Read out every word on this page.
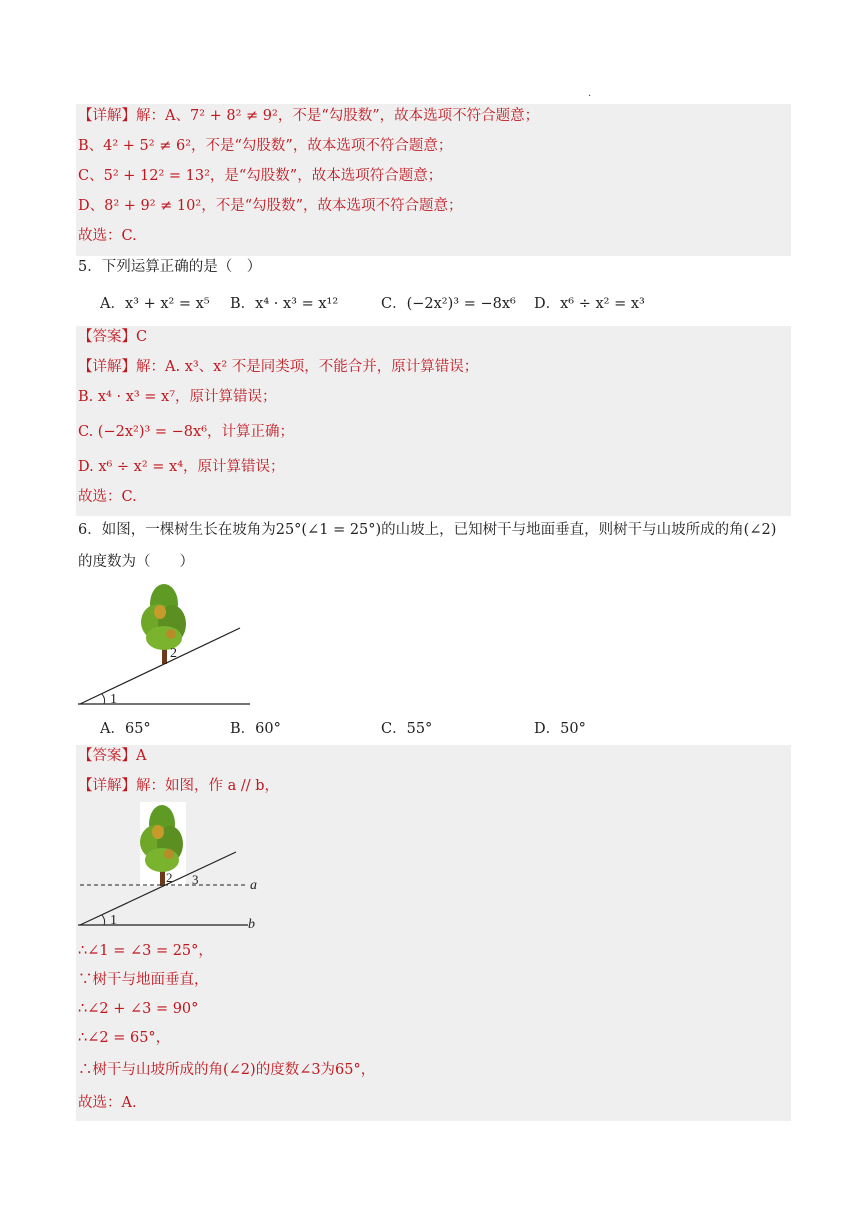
.
【详解】解：A、7² + 8² ≠ 9²，不是“勾股数”，故本选项不符合题意；
B、4² + 5² ≠ 6²，不是“勾股数”，故本选项不符合题意；
C、5² + 12² = 13²，是“勾股数”，故本选项符合题意；
D、8² + 9² ≠ 10²，不是“勾股数”，故本选项不符合题意；
故选：C.
5．下列运算正确的是（　）
A．x³ + x² = x⁵ B．x⁴ · x³ = x¹²	C．(−2x²)³ = −8x⁶ D．x⁶ ÷ x² = x³
【答案】C
【详解】解：A. x³、x² 不是同类项，不能合并，原计算错误；
B. x⁴ · x³ = x⁷，原计算错误；
C. (−2x²)³ = −8x⁶，计算正确；
D. x⁶ ÷ x² = x⁴，原计算错误；
故选：C.
6．如图，一棵树生长在坡角为25°(∠1 = 25°)的山坡上，已知树干与地面垂直，则树干与山坡所成的角(∠2)
的度数为（　　）
1
2
A．65°	B．60°	C．55°	D．50°
【答案】A
【详解】解：如图，作 a // b，
2 3	a
1	b
∴∠1 = ∠3 = 25°，
∵树干与地面垂直，
∴∠2 + ∠3 = 90°
∴∠2 = 65°，
∴树干与山坡所成的角(∠2)的度数∠3为65°，
故选：A.
